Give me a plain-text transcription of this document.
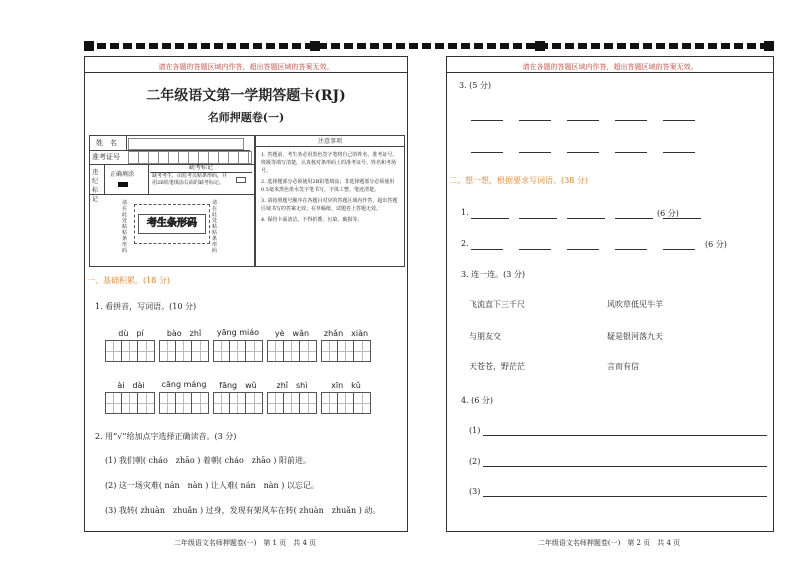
请在各题的答题区域内作答，超出答题区域的答案无效。
二年级语文第一学期答题卡(RJ)
名师押题卷(一)
姓　名
准考证号
违纪标记
正确填涂
缺考标记
缺考考生，由监考员贴条形码，并用2B铅笔填涂右面的缺考标记。
请在此处粘贴条形码
考生条形码
请在此处粘贴条形码
注意事项
1. 答题前，考生务必用黑色签字笔将自己的姓名、准考证号、班级等填写清楚，认真核对条形码上的准考证号、姓名和考场号。
2. 选择题部分必须使用2B铅笔填涂；非选择题部分必须使用0.5毫米黑色墨水签字笔书写，字体工整、笔迹清楚。
3. 请按照题号顺序在各题目对应的答题区域内作答，超出答题区域书写的答案无效；在草稿纸、试题卷上答题无效。
4. 保持卡面清洁，不得折叠、污染、破损等。
一、基础积累。(18 分)
1. 看拼音，写词语。(10 分)
dù　pí	bào　zhǐ	yāng miáo	yè　wǎn	zhǎn　xiàn
ài　dài	cāng máng	fāng　wǔ	zhǐ　shì	xīn　kǔ
2. 用“√”给加点字选择正确读音。(3 分)
(1) 我们朝( cháo　zhāo ) 着朝( cháo　zhāo ) 阳前进。
(2) 这一场灾难( nán　nàn ) 让人难( nán　nàn ) 以忘记。
(3) 我转( zhuàn　zhuǎn ) 过身，发现有架风车在转( zhuàn　zhuǎn ) 动。
二年级语文名师押题卷(一)　第 1 页　共 4 页
请在各题的答题区域内作答，超出答题区域的答案无效。
3. (5 分)
二、想一想，根据要求写词语。(38 分)
1.	(6 分)
2.	(6 分)
3. 连一连。(3 分)
飞流直下三千尺
与朋友交
天苍苍，野茫茫
风吹草低见牛羊
疑是银河落九天
言而有信
4. (6 分)
(1)
(2)
(3)
二年级语文名师押题卷(一)　第 2 页　共 4 页
